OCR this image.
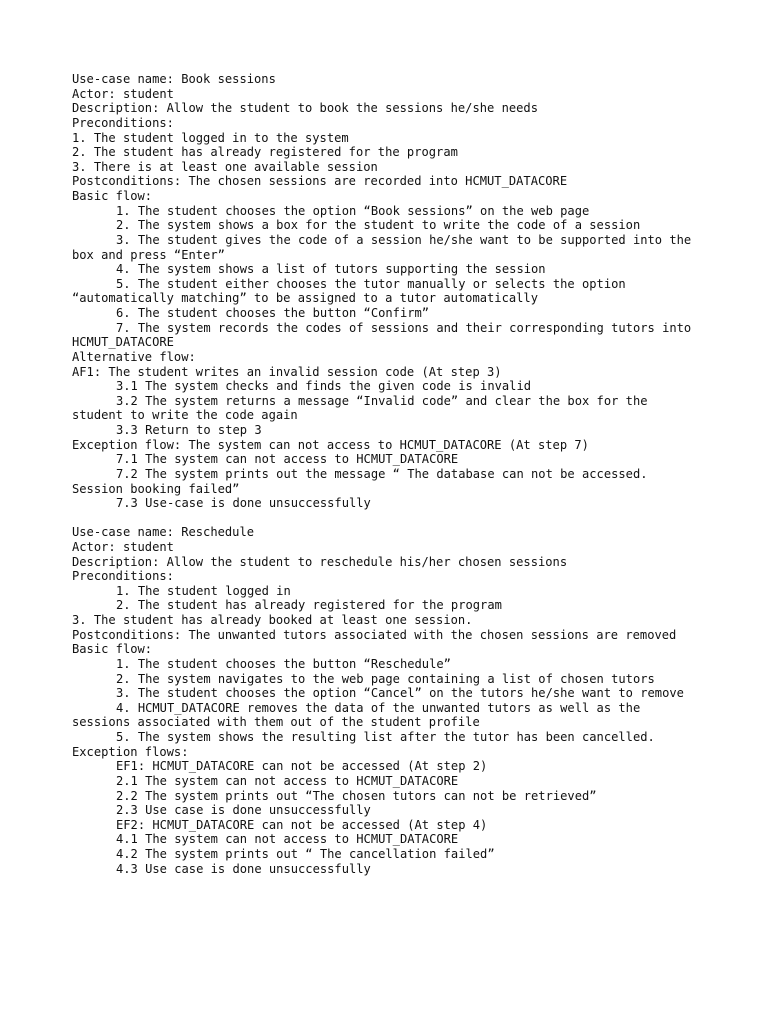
Use-case name: Book sessions
Actor: student
Description: Allow the student to book the sessions he/she needs
Preconditions:
1. The student logged in to the system
2. The student has already registered for the program
3. There is at least one available session
Postconditions: The chosen sessions are recorded into HCMUT_DATACORE
Basic flow:
1. The student chooses the option “Book sessions” on the web page
2. The system shows a box for the student to write the code of a session
3. The student gives the code of a session he/she want to be supported into the box and press “Enter”
4. The system shows a list of tutors supporting the session
5. The student either chooses the tutor manually or selects the option “automatically matching” to be assigned to a tutor automatically
6. The student chooses the button “Confirm”
7. The system records the codes of sessions and their corresponding tutors into HCMUT_DATACORE
Alternative flow:
AF1: The student writes an invalid session code (At step 3)
3.1 The system checks and finds the given code is invalid
3.2 The system returns a message “Invalid code” and clear the box for the student to write the code again
3.3 Return to step 3
Exception flow: The system can not access to HCMUT_DATACORE (At step 7)
7.1 The system can not access to HCMUT_DATACORE
7.2 The system prints out the message “ The database can not be accessed. Session booking failed”
7.3 Use-case is done unsuccessfully
Use-case name: Reschedule
Actor: student
Description: Allow the student to reschedule his/her chosen sessions
Preconditions:
1. The student logged in
2. The student has already registered for the program
3. The student has already booked at least one session.
Postconditions: The unwanted tutors associated with the chosen sessions are removed
Basic flow:
1. The student chooses the button “Reschedule”
2. The system navigates to the web page containing a list of chosen tutors
3. The student chooses the option “Cancel” on the tutors he/she want to remove
4. HCMUT_DATACORE removes the data of the unwanted tutors as well as the sessions associated with them out of the student profile
5. The system shows the resulting list after the tutor has been cancelled.
Exception flows:
EF1: HCMUT_DATACORE can not be accessed (At step 2)
2.1 The system can not access to HCMUT_DATACORE
2.2 The system prints out “The chosen tutors can not be retrieved”
2.3 Use case is done unsuccessfully
EF2: HCMUT_DATACORE can not be accessed (At step 4)
4.1 The system can not access to HCMUT_DATACORE
4.2 The system prints out “ The cancellation failed”
4.3 Use case is done unsuccessfully
